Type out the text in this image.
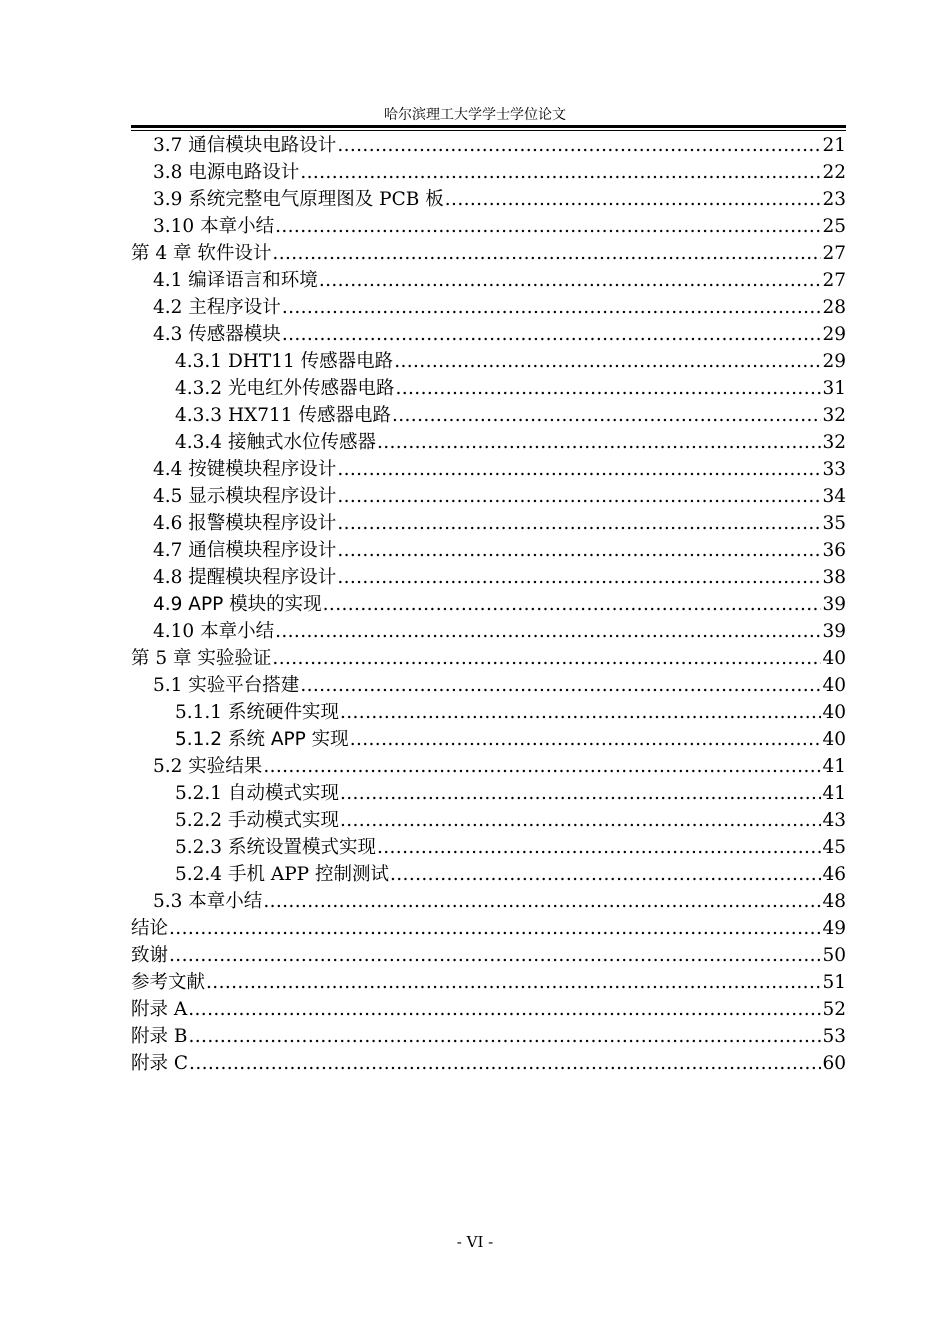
哈尔滨理工大学学士学位论文
3.7 通信模块电路设计 .....	21
3.8 电源电路设计 .....	22
3.9 系统完整电气原理图及 PCB 板 .....	23
3.10 本章小结 .....	25
第 4 章 软件设计 .....	27
4.1 编译语言和环境 .....	27
4.2 主程序设计 .....	28
4.3 传感器模块 .....	29
4.3.1 DHT11 传感器电路 .....	29
4.3.2 光电红外传感器电路 .....	31
4.3.3 HX711 传感器电路 .....	32
4.3.4 接触式水位传感器 .....	32
4.4 按键模块程序设计 .....	33
4.5 显示模块程序设计 .....	34
4.6 报警模块程序设计 .....	35
4.7 通信模块程序设计 .....	36
4.8 提醒模块程序设计 .....	38
4.9 APP 模块的实现 .....	39
4.10 本章小结 .....	39
第 5 章 实验验证 .....	40
5.1 实验平台搭建 .....	40
5.1.1 系统硬件实现 .....	40
5.1.2 系统 APP 实现 .....	40
5.2 实验结果 .....	41
5.2.1 自动模式实现 .....	41
5.2.2 手动模式实现 .....	43
5.2.3 系统设置模式实现 .....	45
5.2.4 手机 APP 控制测试 .....	46
5.3 本章小结 .....	48
结论 .....	49
致谢 .....	50
参考文献 .....	51
附录 A .....	52
附录 B .....	53
附录 C .....	60
- VI -
